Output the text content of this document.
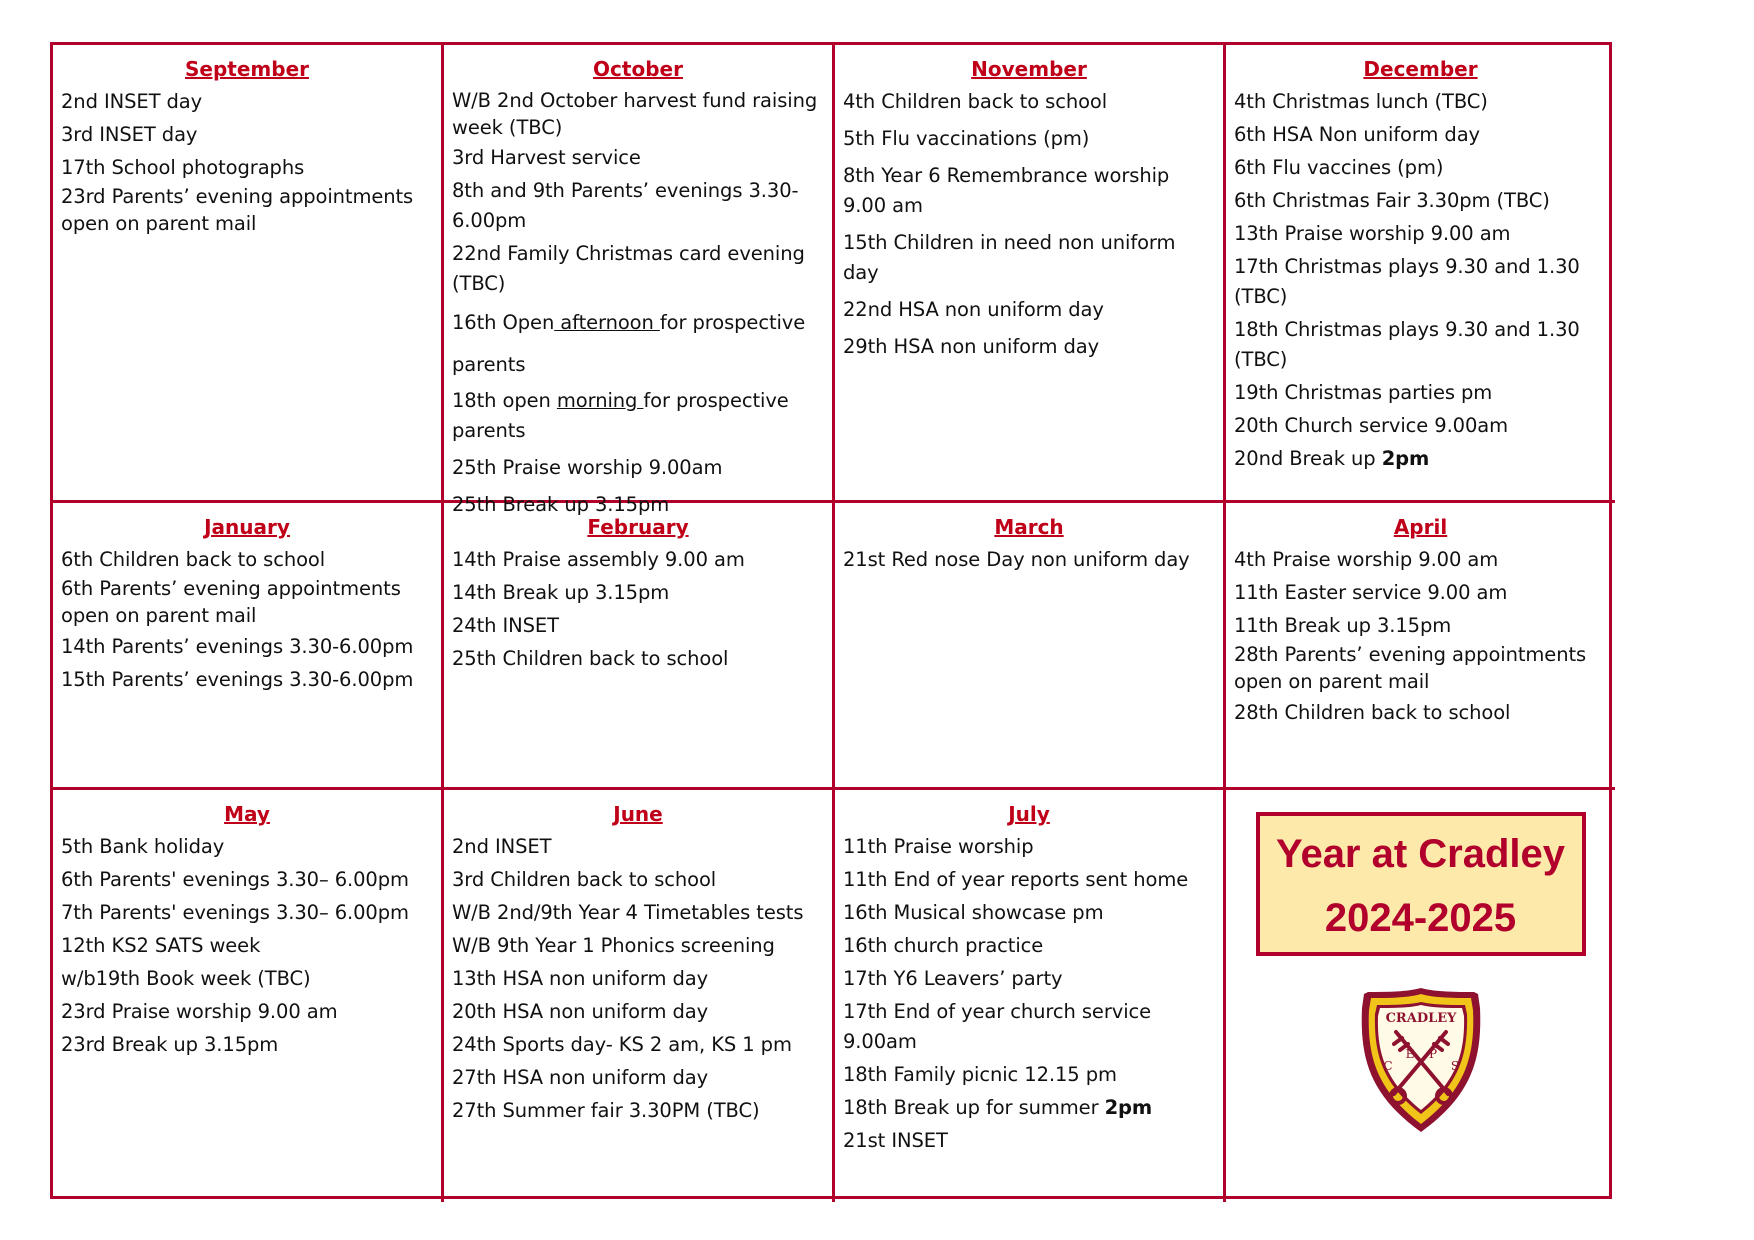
September
2nd INSET day
3rd INSET day
17th School photographs
23rd Parents’ evening appointments open on parent mail
October
W/B 2nd October harvest fund raising week (TBC)
3rd Harvest service
8th and 9th Parents’ evenings 3.30-6.00pm
22nd Family Christmas card evening (TBC)
16th Open afternoon for prospective parents
18th open morning for prospective parents
25th Praise worship 9.00am
25th Break up 3.15pm
November
4th Children back to school
5th Flu vaccinations (pm)
8th Year 6 Remembrance worship 9.00 am
15th Children in need non uniform day
22nd HSA non uniform day
29th HSA non uniform day
December
4th Christmas lunch (TBC)
6th HSA Non uniform day
6th Flu vaccines (pm)
6th Christmas Fair 3.30pm (TBC)
13th Praise worship 9.00 am
17th Christmas plays 9.30 and 1.30 (TBC)
18th Christmas plays 9.30 and 1.30 (TBC)
19th Christmas parties pm
20th Church service 9.00am
20nd Break up 2pm
January
6th Children back to school
6th Parents’ evening appointments open on parent mail
14th Parents’ evenings 3.30-6.00pm
15th Parents’ evenings 3.30-6.00pm
February
14th Praise assembly 9.00 am
14th Break up 3.15pm
24th INSET
25th Children back to school
March
21st Red nose Day non uniform day
April
4th Praise worship 9.00 am
11th Easter service 9.00 am
11th Break up 3.15pm
28th Parents’ evening appointments open on parent mail
28th Children back to school
May
5th Bank holiday
6th Parents' evenings 3.30– 6.00pm
7th Parents' evenings 3.30– 6.00pm
12th KS2 SATS week
w/b19th Book week (TBC)
23rd Praise worship 9.00 am
23rd Break up 3.15pm
June
2nd INSET
3rd Children back to school
W/B 2nd/9th Year 4 Timetables tests
W/B 9th Year 1 Phonics screening
13th HSA non uniform day
20th HSA non uniform day
24th Sports day- KS 2 am, KS 1 pm
27th HSA non uniform day
27th Summer fair 3.30PM (TBC)
July
11th Praise worship
11th End of year reports sent home
16th Musical showcase pm
16th church practice
17th Y6 Leavers’ party
17th End of year church service 9.00am
18th Family picnic 12.15 pm
18th Break up for summer 2pm
21st INSET
Year at Cradley
2024-2025
CRADLEY
C
E P
S
